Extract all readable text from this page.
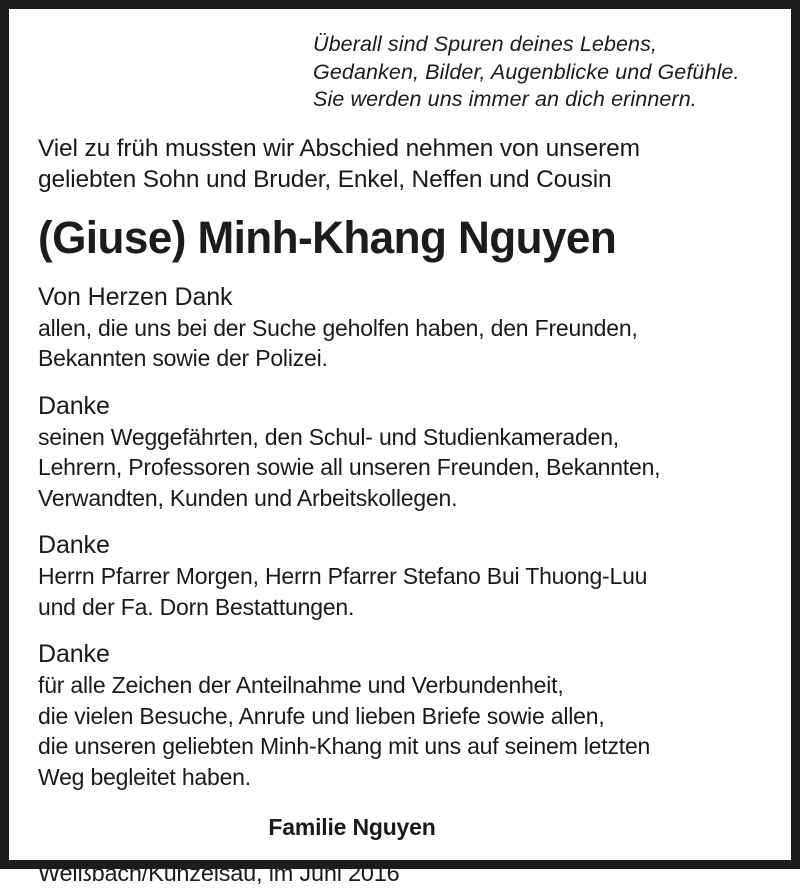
Überall sind Spuren deines Lebens,
Gedanken, Bilder, Augenblicke und Gefühle.
Sie werden uns immer an dich erinnern.
Viel zu früh mussten wir Abschied nehmen von unserem
geliebten Sohn und Bruder, Enkel, Neffen und Cousin
(Giuse) Minh-Khang Nguyen
Von Herzen Dank
allen, die uns bei der Suche geholfen haben, den Freunden,
Bekannten sowie der Polizei.
Danke
seinen Weggefährten, den Schul- und Studienkameraden,
Lehrern, Professoren sowie all unseren Freunden, Bekannten,
Verwandten, Kunden und Arbeitskollegen.
Danke
Herrn Pfarrer Morgen, Herrn Pfarrer Stefano Bui Thuong-Luu
und der Fa. Dorn Bestattungen.
Danke
für alle Zeichen der Anteilnahme und Verbundenheit,
die vielen Besuche, Anrufe und lieben Briefe sowie allen,
die unseren geliebten Minh-Khang mit uns auf seinem letzten
Weg begleitet haben.
Familie Nguyen
Weißbach/Künzelsau, im Juni 2016
